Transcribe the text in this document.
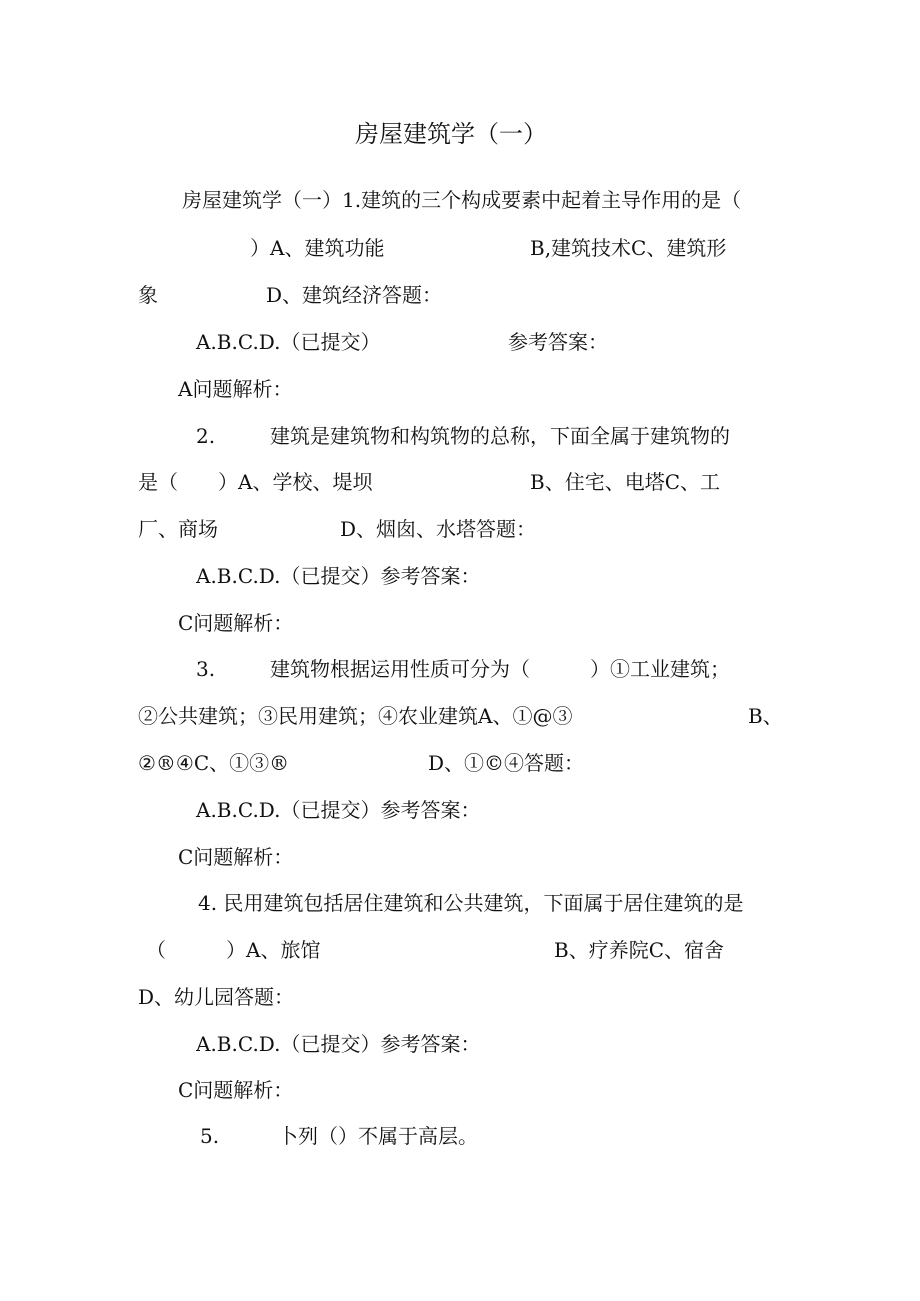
房屋建筑学（一）
房屋建筑学（一）1.建筑的三个构成要素中起着主导作用的是（
）A、建筑功能	B,建筑技术C、建筑形
象	D、建筑经济答题：
A.B.C.D.（已提交）	参考答案：
A问题解析：
2.	建筑是建筑物和构筑物的总称，下面全属于建筑物的
是（　　）A、学校、堤坝	B、住宅、电塔C、工
厂、商场	D、烟囱、水塔答题：
A.B.C.D.（已提交）参考答案：
C问题解析：
3.	建筑物根据运用性质可分为（　　　）①工业建筑；
②公共建筑；③民用建筑；④农业建筑A、①@③	B、
②®④C、①③®	D、①©④答题：
A.B.C.D.（已提交）参考答案：
C问题解析：
4. 民用建筑包括居住建筑和公共建筑，下面属于居住建筑的是
（　　　）A、旅馆	B、疗养院C、宿舍
D、幼儿园答题：
A.B.C.D.（已提交）参考答案：
C问题解析：
5.	卜列（）不属于高层。
